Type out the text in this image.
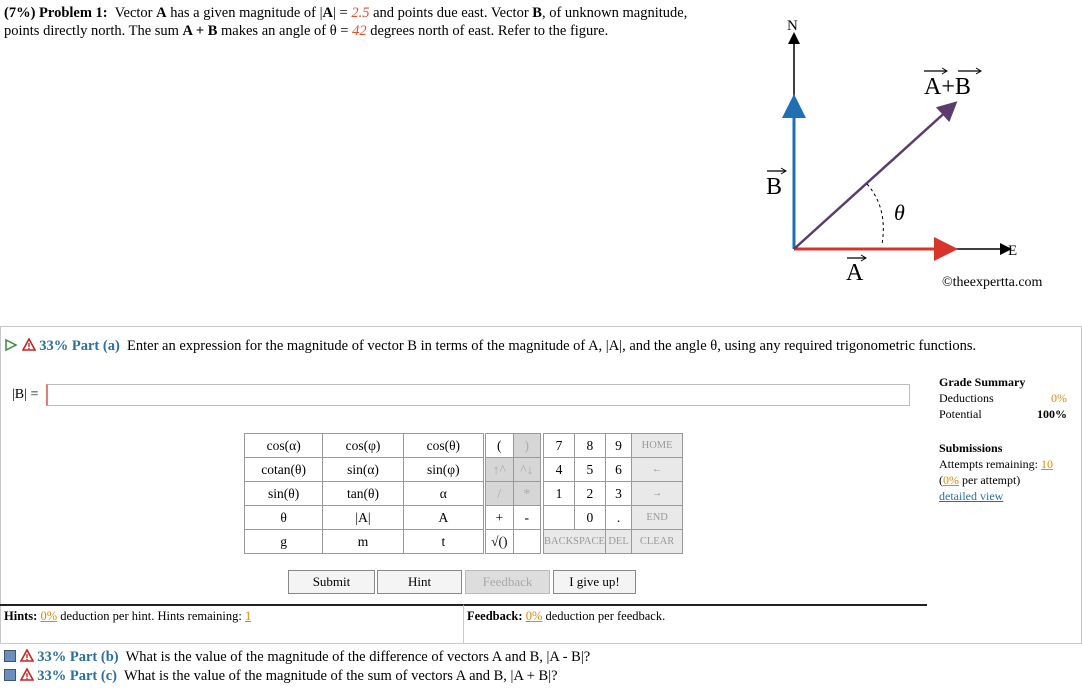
(7%) Problem 1: Vector A has a given magnitude of |A| = 2.5 and points due east. Vector B, of unknown magnitude, points directly north. The sum A + B makes an angle of θ = 42 degrees north of east. Refer to the figure.	N
E
A+B
B
A
θ
©theexpertta.com
33% Part (a) Enter an expression for the magnitude of vector B in terms of the magnitude of A, |A|, and the angle θ, using any required trigonometric functions.
|B| =
cos(α)	cos(φ)	cos(θ)
cotan(θ)	sin(α)	sin(φ)
sin(θ)	tan(θ)	α
θ	|A|	A
g	m	t
(	)
↑^	^↓
/	*
+	-
√()	
7	8	9	HOME
4	5	6	←
1	2	3	→
	0	.	END
BACKSPACE		DEL	CLEAR
Submit	Hint	Feedback	I give up!
Hints: 0% deduction per hint. Hints remaining: 1	Feedback: 0% deduction per feedback.
Grade Summary
Deductions	0%
Potential	100%
Submissions
Attempts remaining: 10
(0% per attempt)
detailed view
33% Part (b) What is the value of the magnitude of the difference of vectors A and B, |A - B|?
33% Part (c) What is the value of the magnitude of the sum of vectors A and B, |A + B|?
